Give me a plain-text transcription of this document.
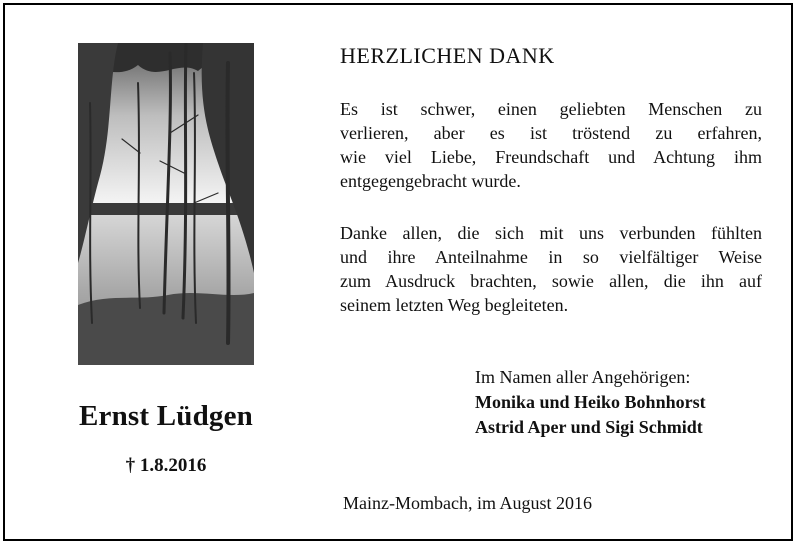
Ernst Lüdgen
† 1.8.2016
HERZLICHEN DANK
Es ist schwer, einen geliebten Menschen zu
verlieren, aber es ist tröstend zu erfahren,
wie viel Liebe, Freundschaft und Achtung ihm
entgegengebracht wurde.
Danke allen, die sich mit uns verbunden fühlten
und ihre Anteilnahme in so vielfältiger Weise
zum Ausdruck brachten, sowie allen, die ihn auf
seinem letzten Weg begleiteten.
Im Namen aller Angehörigen:
Monika und Heiko Bohnhorst
Astrid Aper und Sigi Schmidt
Mainz-Mombach, im August 2016
